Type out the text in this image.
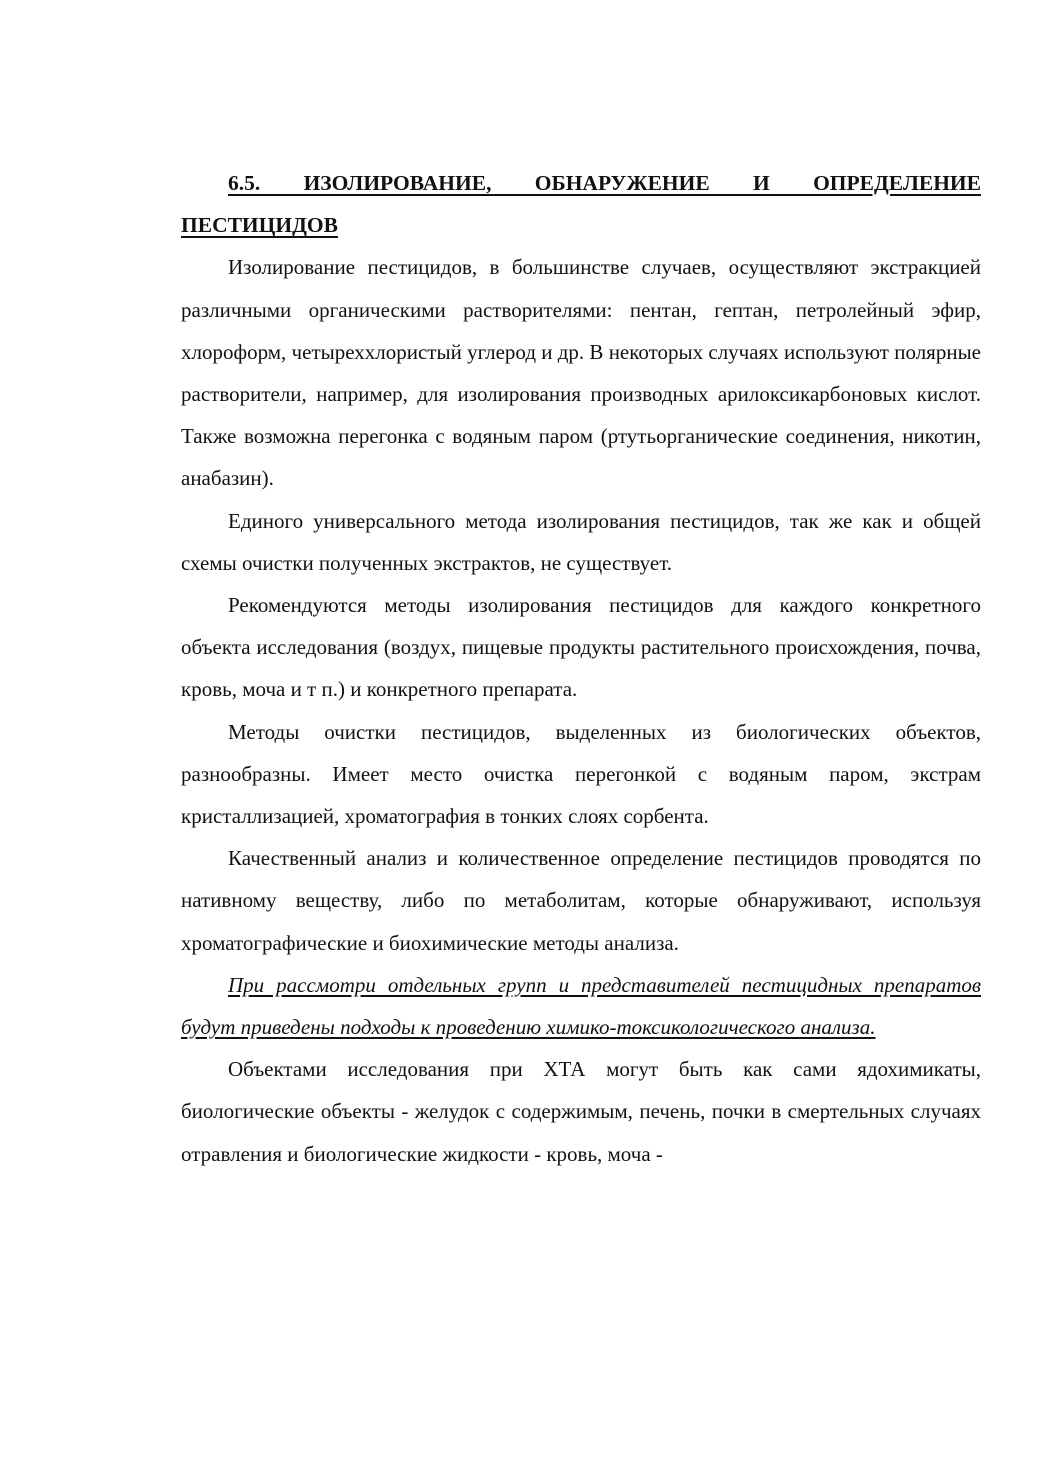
6.5. ИЗОЛИРОВАНИЕ, ОБНАРУЖЕНИЕ И ОПРЕДЕЛЕНИЕ ПЕСТИЦИДОВ

Изолирование пестицидов, в большинстве случаев, осуществляют экстракцией различными органическими растворителями: пентан, гептан, петролейный эфир, хлороформ, четыреххлористый углерод и др. В некоторых случаях используют полярные растворители, например, для изолирования производных арилоксикарбоновых кислот. Также возможна перегонка с водяным паром (ртутьорганические соединения, никотин, анабазин).

Единого универсального метода изолирования пестицидов, так же как и общей схемы очистки полученных экстрактов, не существует.

Рекомендуются методы изолирования пестицидов для каждого конкретного объекта исследования (воздух, пищевые продукты растительного происхождения, почва, кровь, моча и т п.) и конкретного препарата.

Методы очистки пестицидов, выделенных из биологических объектов, разнообразны. Имеет место очистка перегонкой с водяным паром, экстрам кристаллизацией, хроматография в тонких слоях сорбента.

Качественный анализ и количественное определение пестицидов проводятся по нативному веществу, либо по метаболитам, которые обнаруживают, используя хроматографические и биохимические методы анализа.

При рассмотри отдельных групп и представителей пестицидных препаратов будут приведены подходы к проведению химико-токсикологического анализа.

Объектами исследования при ХТА могут быть как сами ядохимикаты, биологические объекты - желудок с содержимым, печень, почки в смертельных случаях отравления и биологические жидкости - кровь, моча -
